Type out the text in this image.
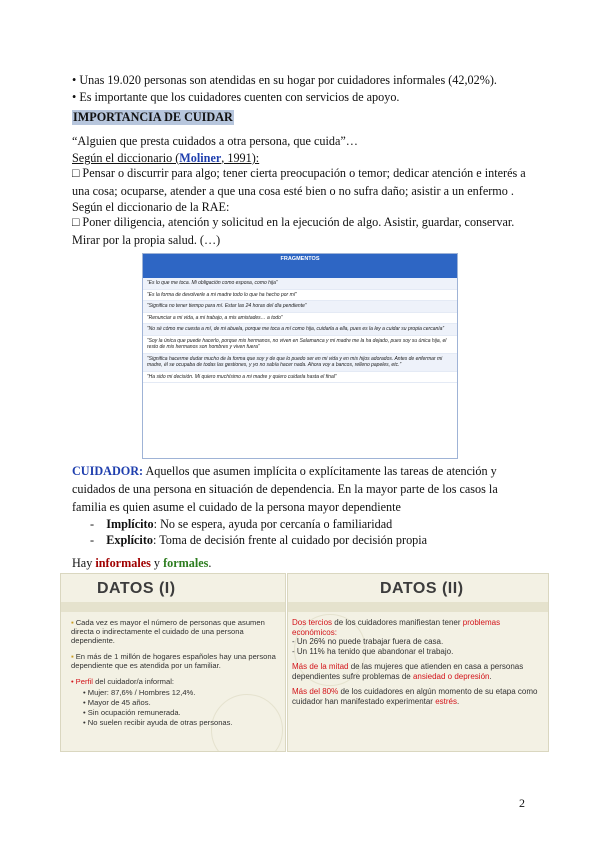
• Unas 19.020 personas son atendidas en su hogar por cuidadores informales (42,02%).
• Es importante que los cuidadores cuenten con servicios de apoyo.
IMPORTANCIA DE CUIDAR
“Alguien que presta cuidados a otra persona, que cuida”…
Según el diccionario (Moliner, 1991):
□ Pensar o discurrir para algo; tener cierta preocupación o temor; dedicar atención e interés a una cosa; ocuparse, atender a que una cosa esté bien o no sufra daño; asistir a un enfermo .
Según el diccionario de la RAE:
□ Poner diligencia, atención y solicitud en la ejecución de algo. Asistir, guardar, conservar. Mirar por la propia salud. (…)
FRAGMENTOS
“Es lo que me toca. Mi obligación como esposa, como hija”
“Es la forma de devolverle a mi madre todo lo que ha hecho por mí”
“Significa no tener tiempo para mí. Estar las 24 horas del día pendiente”
“Renunciar a mi vida, a mi trabajo, a mis amistades… a todo”
“No sé cómo me cuesta a mí, de mi abuela, porque me toca a mí como hija, cuidarla a ella, pues es la ley a cuidar su propia cercanía”
“Soy la única que puede hacerlo, porque mis hermanos, no viven en Salamanca y mi madre me la ha dejado, pues soy su única hija, el resto de mis hermanos son hombres y viven fuera”
“Significa hacerme dudar mucho de la forma que soy y de que lo puedo ser en mi vida y en mis hijos adorados. Antes de enfermar mi madre, él se ocupaba de todas las gestiones, y yo no sabía hacer nada. Ahora voy a bancos, relleno papeles, etc.”
“Ha sido mi decisión. Mi quiero muchísimo a mi madre y quiero cuidarla hasta el final”
CUIDADOR: Aquellos que asumen implícita o explícitamente las tareas de atención y cuidados de una persona en situación de dependencia. En la mayor parte de los casos la familia es quien asume el cuidado de la persona mayor dependiente
- Implícito: No se espera, ayuda por cercanía o familiaridad
- Explícito: Toma de decisión frente al cuidado por decisión propia
Hay informales y formales.
DATOS (I)

▪ Cada vez es mayor el número de personas que asumen directa o indirectamente el cuidado de una persona dependiente.

▪ En más de 1 millón de hogares españoles hay una persona dependiente que es atendida por un familiar.

• Perfil del cuidador/a informal:

• Mujer: 87,6% / Hombres 12,4%.
• Mayor de 45 años.
• Sin ocupación remunerada.
• No suelen recibir ayuda de otras personas.
DATOS (II)

Dos tercios de los cuidadores manifiestan tener problemas económicos:
- Un 26% no puede trabajar fuera de casa.
- Un 11% ha tenido que abandonar el trabajo.

Más de la mitad de las mujeres que atienden en casa a personas dependientes sufre problemas de ansiedad o depresión.

Más del 80% de los cuidadores en algún momento de su etapa como cuidador han manifestado experimentar estrés.

2
